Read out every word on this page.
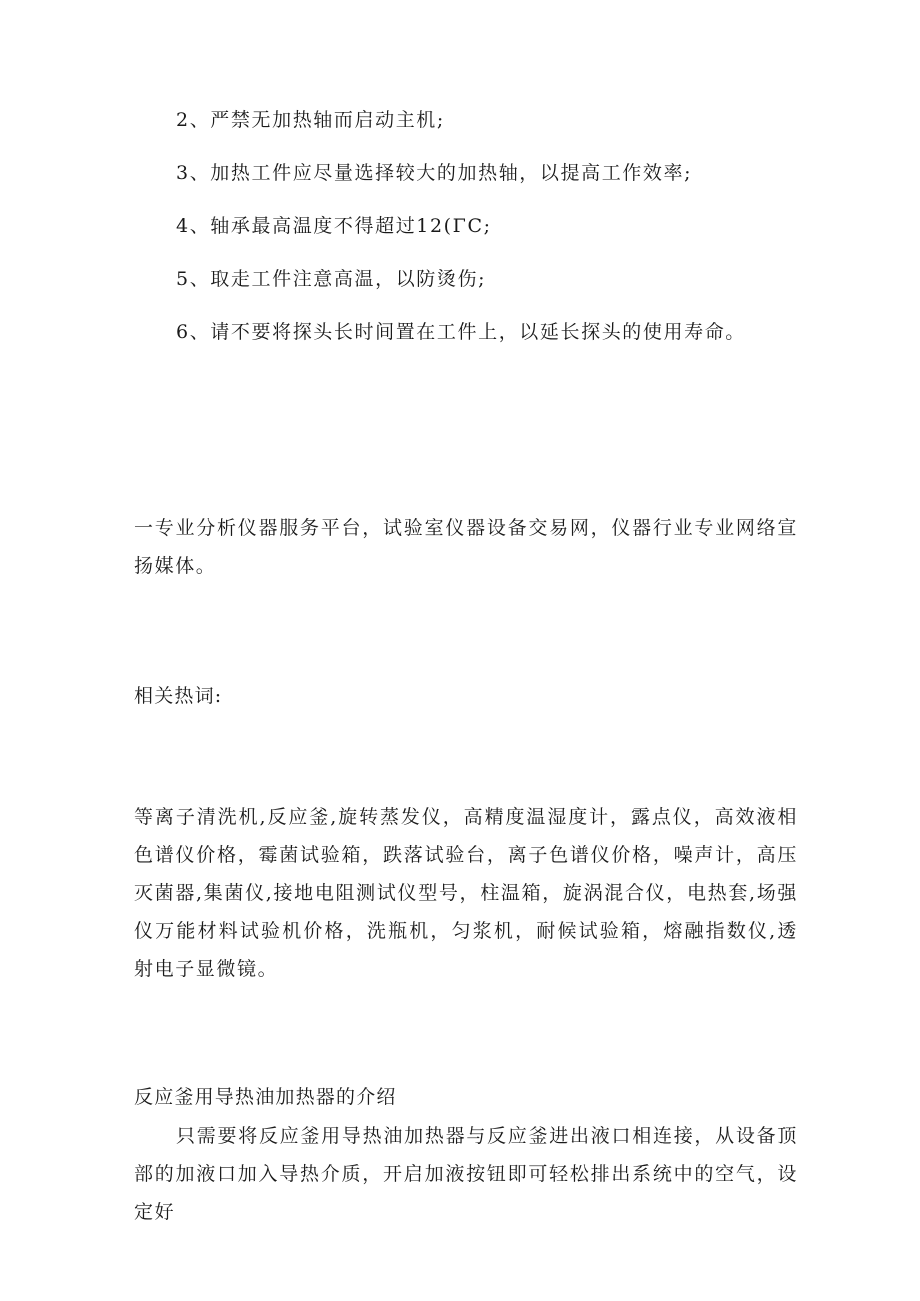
2、严禁无加热轴而启动主机;
3、加热工件应尽量选择较大的加热轴，以提高工作效率;
4、轴承最高温度不得超过12(ΓC;
5、取走工件注意高温，以防烫伤;
6、请不要将探头长时间置在工件上，以延长探头的使用寿命。
一专业分析仪器服务平台，试验室仪器设备交易网，仪器行业专业网络宣扬媒体。
相关热词:
等离子清洗机,反应釜,旋转蒸发仪，高精度温湿度计，露点仪，高效液相色谱仪价格，霉菌试验箱，跌落试验台，离子色谱仪价格，噪声计，高压灭菌器,集菌仪,接地电阻测试仪型号，柱温箱，旋涡混合仪，电热套,场强仪万能材料试验机价格，洗瓶机，匀浆机，耐候试验箱，熔融指数仪,透射电子显微镜。
反应釜用导热油加热器的介绍
只需要将反应釜用导热油加热器与反应釜进出液口相连接，从设备顶部的加液口加入导热介质，开启加液按钮即可轻松排出系统中的空气，设定好
